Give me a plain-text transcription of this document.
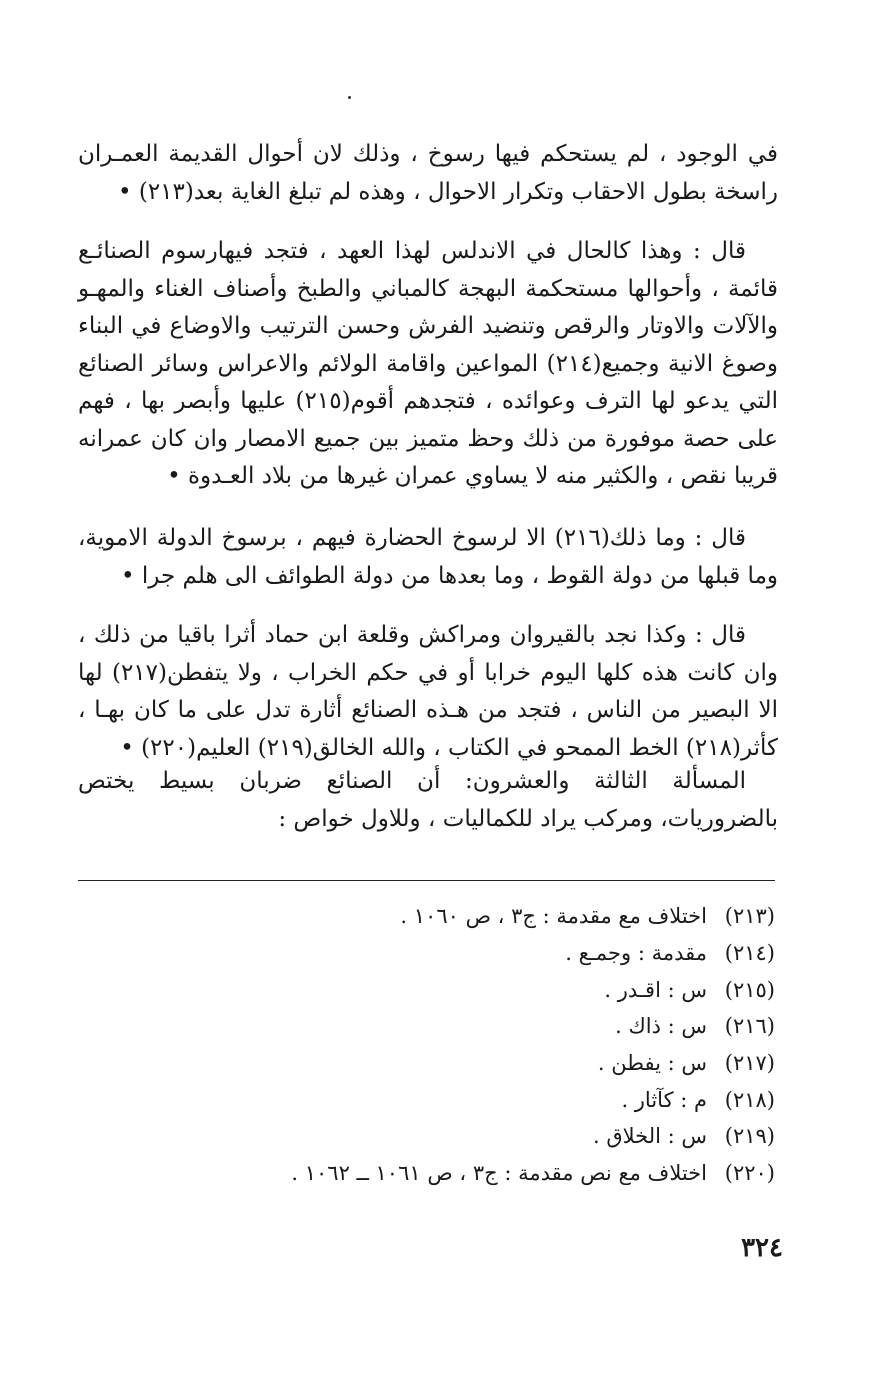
في الوجود ، لم يستحكم فيها رسوخ ، وذلك لان أحوال القديمة العمـران راسخة بطول الاحقاب وتكرار الاحوال ، وهذه لم تبلغ الغاية بعد(٢١٣) •

قال : وهذا كالحال في الاندلس لهذا العهد ، فتجد فيهارسوم الصنائـع قائمة ، وأحوالها مستحكمة البهجة كالمباني والطبخ وأصناف الغناء والمهـو والآلات والاوتار والرقص وتنضيد الفرش وحسن الترتيب والاوضاع في البناء وصوغ الانية وجميع(٢١٤) المواعين واقامة الولائم والاعراس وسائر الصنائع التي يدعو لها الترف وعوائده ، فتجدهم أقوم(٢١٥) عليها وأبصر بها ، فهم على حصة موفورة من ذلك وحظ متميز بين جميع الامصار وان كان عمرانه قريبا نقص ، والكثير منه لا يساوي عمران غيرها من بلاد العـدوة •

قال : وما ذلك(٢١٦) الا لرسوخ الحضارة فيهم ، برسوخ الدولة الاموية، وما قبلها من دولة القوط ، وما بعدها من دولة الطوائف الى هلم جرا •

قال : وكذا نجد بالقيروان ومراكش وقلعة ابن حماد أثرا باقيا من ذلك ، وان كانت هذه كلها اليوم خرابا أو في حكم الخراب ، ولا يتفطن(٢١٧) لها الا البصير من الناس ، فتجد من هـذه الصنائع أثارة تدل على ما كان بهـا ، كأثر(٢١٨) الخط الممحو في الكتاب ، والله الخالق(٢١٩) العليم(٢٢٠) •

المسألة الثالثة والعشرون: أن الصنائع ضربان بسيط يختص بالضروريات، ومركب يراد للكماليات ، وللاول خواص :

(٢١٣)
اختلاف مع مقدمة : ج٣ ، ص ١٠٦٠ .
(٢١٤)
مقدمة : وجمـع .
(٢١٥)
س : اقـدر .
(٢١٦)
س : ذاك .
(٢١٧)
س : يفطن .
(٢١٨)
م : كآثار .
(٢١٩)
س : الخلاق .
(٢٢٠)
اختلاف مع نص مقدمة : ج٣ ، ص ١٠٦١ ــ ١٠٦٢ .
٣٢٤
